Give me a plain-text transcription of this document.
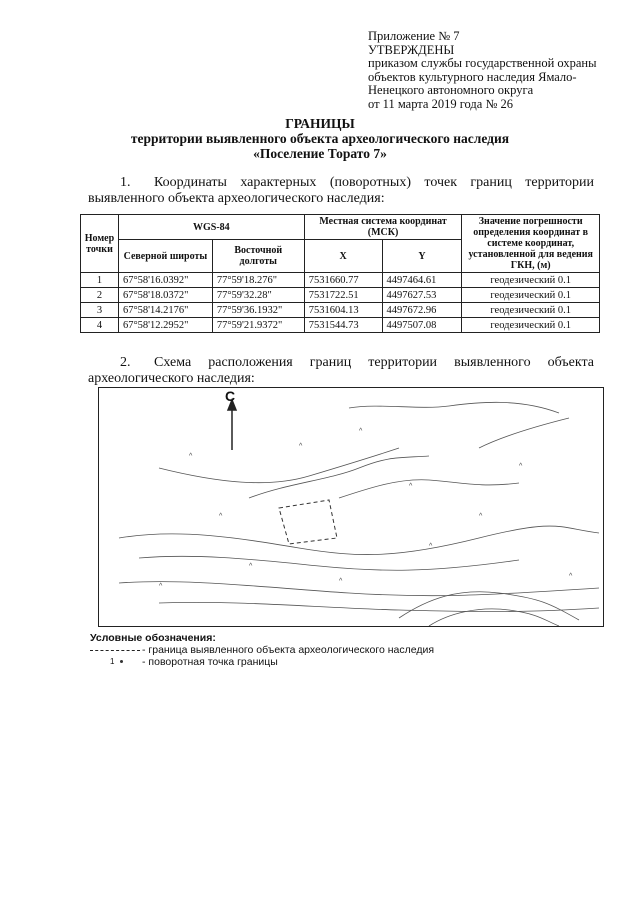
Приложение № 7
УТВЕРЖДЕНЫ
приказом службы государственной охраны
объектов культурного наследия Ямало-
Ненецкого автономного округа
от 11 марта 2019 года № 26
ГРАНИЦЫ
территории выявленного объекта археологического наследия
«Поселение Торато 7»
1. Координаты характерных (поворотных) точек границ территории
выявленного объекта археологического наследия:
Номер точки	WGS-84		Местная система координат (МСК)		Значение погрешности определения координат в системе координат, установленной для ведения ГКН, (м)
	Северной широты	Восточной долготы	X	Y	

1	67°58'16.0392"	77°59'18.276"	7531660.77	4497464.61	геодезический 0.1
2	67°58'18.0372"	77°59'32.28"	7531722.51	4497627.53	геодезический 0.1
3	67°58'14.2176"	77°59'36.1932"	7531604.13	4497672.96	геодезический 0.1
4	67°58'12.2952"	77°59'21.9372"	7531544.73	4497507.08	геодезический 0.1
2. Схема расположения границ территории выявленного объекта
археологического наследия:
^
^
^
^
^
^
^
^
^
^	^
^
С
Условные обозначения:
- граница выявленного объекта археологического наследия
1	- поворотная точка границы
